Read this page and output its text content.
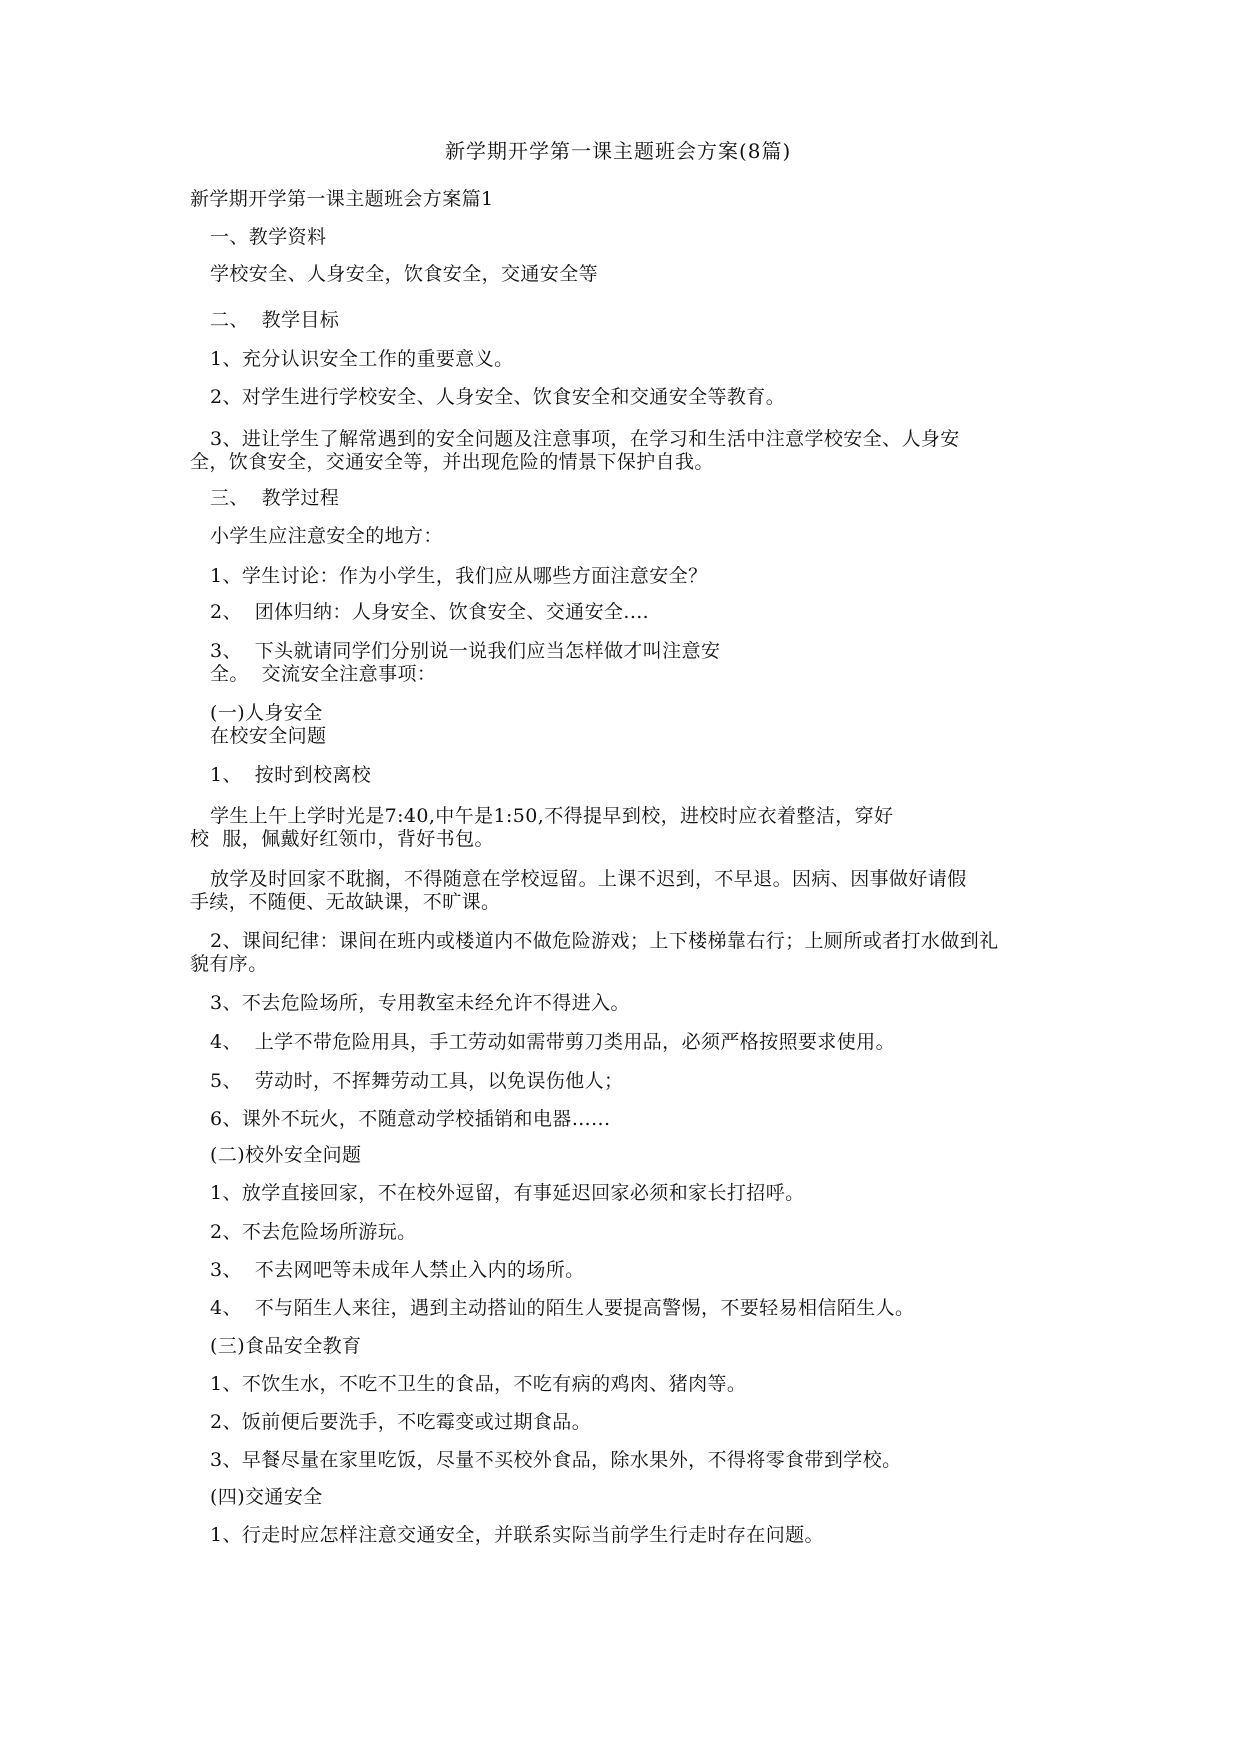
新学期开学第一课主题班会方案(8篇)
新学期开学第一课主题班会方案篇1
一、教学资料
学校安全、人身安全，饮食安全，交通安全等
二、  教学目标
1、充分认识安全工作的重要意义。
2、对学生进行学校安全、人身安全、饮食安全和交通安全等教育。
3、进让学生了解常遇到的安全问题及注意事项，在学习和生活中注意学校安全、人身安
全，饮食安全，交通安全等，并出现危险的情景下保护自我。
三、  教学过程
小学生应注意安全的地方：
1、学生讨论：作为小学生，我们应从哪些方面注意安全？
2、  团体归纳：人身安全、饮食安全、交通安全.…
3、  下头就请同学们分别说一说我们应当怎样做才叫注意安
全。  交流安全注意事项：
(一)人身安全
在校安全问题
1、  按时到校离校
学生上午上学时光是7:40,中午是1:50,不得提早到校，进校时应衣着整洁，穿好
校  服，佩戴好红领巾，背好书包。
放学及时回家不耽搁，不得随意在学校逗留。上课不迟到，不早退。因病、因事做好请假
手续，不随便、无故缺课，不旷课。
2、课间纪律：课间在班内或楼道内不做危险游戏；上下楼梯靠右行；上厕所或者打水做到礼
貌有序。
3、不去危险场所，专用教室未经允许不得进入。
4、  上学不带危险用具，手工劳动如需带剪刀类用品，必须严格按照要求使用。
5、  劳动时，不挥舞劳动工具，以免误伤他人；
6、课外不玩火，不随意动学校插销和电器…...
(二)校外安全问题
1、放学直接回家，不在校外逗留，有事延迟回家必须和家长打招呼。
2、不去危险场所游玩。
3、  不去网吧等未成年人禁止入内的场所。
4、  不与陌生人来往，遇到主动搭讪的陌生人要提高警惕，不要轻易相信陌生人。
(三)食品安全教育
1、不饮生水，不吃不卫生的食品，不吃有病的鸡肉、猪肉等。
2、饭前便后要洗手，不吃霉变或过期食品。
3、早餐尽量在家里吃饭，尽量不买校外食品，除水果外，不得将零食带到学校。
(四)交通安全
1、行走时应怎样注意交通安全，并联系实际当前学生行走时存在问题。
